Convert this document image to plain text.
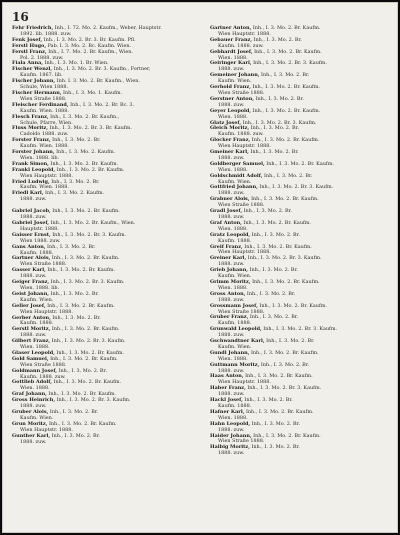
16

Fehr Friedrich, Inh., I. 72. Mo. 2. Kaufm., Weber, Hauptstr.
1892. lib. 1888. zuw.

Fenk Josef, Inh., I. 3. Mo. 2. Br. 3. Br. Kaufm. Pfl.

Ferstl Hugo, Pab. I. 3. Mo. 2. Bc. Kaufm. Wien.

Ferstl Franz, Inh., I. 7. Mo. 2. Br. Kaufm., Wien.
Pol. 2. 1888. zuw.

Fiala Anna, Inh., I. 3. Mo. 1. Br. Wien.

Fischer Wenzl, Inh., I. 3. Mo. 2. Br. 3. Kaufm., Fortner,
Kaufm. 1867. lib.

Fischer Johann, Inh. I. 3. Mo. 2. Br. Kaufm., Wien.
Schule, Wien 1888.

Fischer Hermann, Inh., I. 3. Mo. 1. Kaufm.
Wien Straße 1888.

Fleischer Ferdinand, Inh., I. 3. Mo. 2. Br. Bc. 3.
Kaufm. Wien. 1888.

Flesch Franz, Inh., I. 3. Mo. 2. Br. Kaufm.,
Schule, Pfarre, Wien.

Fluss Moritz, Inh., I. 3. Mo. 2. Br. 3. Br. Kaufm.
Cadoldo 1888. zuw.

Forster Franz, Inh., I. 3. Mo. 2. Br.
Kaufm. Wien. 1888.

Forster Johann, Inh., I. 3. Mo. 2. Kaufm.
Wien. 1888. lib.

Frank Simon, Inh., I. 3. Mo. 2. Br. Kaufm.

Frankl Leopold, Inh., I. 3. Mo. 2. Br. Kaufm.
Wien Hauptstr. 1888.

Fried Ludwig, Inh., I. 3. Mo. 2. Br.
Kaufm. Wien. 1888.

Friedl Karl, Inh., I. 3. Mo. 2. Kaufm.
1888. zuw.

Gabriel Jacob, Inh., I. 3. Mo. 2. Br. Kaufm.
1888. zuw.

Gabriel Josef, Inh., I. 3. Mo. 2. Br. Kaufm., Wien.
Hauptstr. 1888.

Gaisser Ernst, Inh., I. 3. Mo. 2. Br. 3. Kaufm.
Wien 1888. zuw.

Gans Anton, Inh., I. 3. Mo. 2. Br.
Kaufm. 1888.

Gartner Alois, Inh., I. 3. Mo. 2. Br. Kaufm.
Wien Straße 1888.

Gasser Karl, Inh., I. 3. Mo. 2. Br. Kaufm.
1888. zuw.

Geiger Franz, Inh., I. 3. Mo. 2. Br. 3. Kaufm.
Wien. 1888. lib.

Geist Johann, Inh., I. 3. Mo. 2. Br.
Kaufm. Wien.

Geller Josef, Inh., I. 3. Mo. 2. Br. Kaufm.
Wien Hauptstr. 1888.

Gerber Anton, Inh., I. 3. Mo. 2. Br.
Kaufm. 1888.

Gerstl Moritz, Inh., I. 3. Mo. 2. Br. Kaufm.
1888. zuw.

Gilbert Franz, Inh., I. 3. Mo. 2. Br. 3. Kaufm.
Wien. 1888.

Glaser Leopold, Inh., I. 3. Mo. 2. Br. Kaufm.

Gold Samuel, Inh., I. 3. Mo. 2. Br. Kaufm.
Wien Straße 1888.

Goldmann Josef, Inh., I. 3. Mo. 2. Br.
Kaufm. 1888. zuw.

Gottlieb Adolf, Inh., I. 3. Mo. 2. Br. Kaufm.
Wien. 1888.

Graf Johann, Inh., I. 3. Mo. 2. Br. Kaufm.

Gross Heinrich, Inh., I. 3. Mo. 2. Br. 3. Kaufm.
1888. zuw.

Gruber Alois, Inh., I. 3. Mo. 2. Br.
Kaufm. Wien.

Grun Moritz, Inh., I. 3. Mo. 2. Br. Kaufm.
Wien Hauptstr. 1888.

Gunther Karl, Inh., I. 3. Mo. 2. Br.
1888. zuw.

Gartner Anton, Inh., I. 3. Mo. 2. Br. Kaufm.
Wien Hauptstr. 1888.

Gebauer Franz, Inh., I. 3. Mo. 2. Br.
Kaufm. 1888. zuw.

Gebhardt Josef, Inh., I. 3. Mo. 2. Br. Kaufm.
Wien. 1888.

Geiringer Karl, Inh., I. 3. Mo. 2. Br. 3. Kaufm.
1888. zuw.

Gemeiner Johann, Inh., I. 3. Mo. 2. Br.
Kaufm. Wien.

Gerhold Franz, Inh., I. 3. Mo. 2. Br. Kaufm.
Wien Straße 1888.

Gerstner Anton, Inh., I. 3. Mo. 2. Br.
1888. zuw.

Geyer Leopold, Inh., I. 3. Mo. 2. Br. Kaufm.
Wien. 1888.

Glatz Josef, Inh., I. 3. Mo. 2. Br. 3. Kaufm.

Gleich Moritz, Inh., I. 3. Mo. 2. Br.
Kaufm. 1888. zuw.

Glocker Franz, Inh., I. 3. Mo. 2. Br. Kaufm.
Wien Hauptstr. 1888.

Gmeiner Karl, Inh., I. 3. Mo. 2. Br.
1888. zuw.

Goldberger Samuel, Inh., I. 3. Mo. 2. Br. Kaufm.
Wien. 1888.

Goldschmidt Adolf, Inh., I. 3. Mo. 2. Br.
Kaufm. Wien.

Gottfried Johann, Inh., I. 3. Mo. 2. Br. 3. Kaufm.
1888. zuw.

Grabner Alois, Inh., I. 3. Mo. 2. Br. Kaufm.
Wien Straße 1888.

Gradl Josef, Inh., I. 3. Mo. 2. Br.
1888. zuw.

Graf Anton, Inh., I. 3. Mo. 2. Br. Kaufm.
Wien. 1888.

Gratz Leopold, Inh., I. 3. Mo. 2. Br.
Kaufm. 1888.

Greif Franz, Inh., I. 3. Mo. 2. Br. Kaufm.
Wien Hauptstr. 1888.

Greiner Karl, Inh., I. 3. Mo. 2. Br. 3. Kaufm.
1888. zuw.

Grieb Johann, Inh., I. 3. Mo. 2. Br.
Kaufm. Wien.

Grimm Moritz, Inh., I. 3. Mo. 2. Br. Kaufm.
Wien. 1888.

Gross Anton, Inh., I. 3. Mo. 2. Br.
1888. zuw.

Grossmann Josef, Inh., I. 3. Mo. 2. Br. Kaufm.
Wien Straße 1888.

Gruber Franz, Inh., I. 3. Mo. 2. Br.
Kaufm. 1888.

Grunwald Leopold, Inh., I. 3. Mo. 2. Br. 3. Kaufm.
1888. zuw.

Gschwandtner Karl, Inh., I. 3. Mo. 2. Br.
Kaufm. Wien.

Gundl Johann, Inh., I. 3. Mo. 2. Br. Kaufm.
Wien. 1888.

Guttmann Moritz, Inh., I. 3. Mo. 2. Br.
1888. zuw.

Haas Anton, Inh., I. 3. Mo. 2. Br. Kaufm.
Wien Hauptstr. 1888.

Haber Franz, Inh., I. 3. Mo. 2. Br. 3. Kaufm.
1888. zuw.

Hackl Josef, Inh., I. 3. Mo. 2. Br.
Kaufm. 1888.

Hafner Karl, Inh., I. 3. Mo. 2. Br. Kaufm.
Wien. 1888.

Hahn Leopold, Inh., I. 3. Mo. 2. Br.
1888. zuw.

Haider Johann, Inh., I. 3. Mo. 2. Br. Kaufm.
Wien Straße 1888.

Halbig Moritz, Inh., I. 3. Mo. 2. Br.
1888. zuw.
